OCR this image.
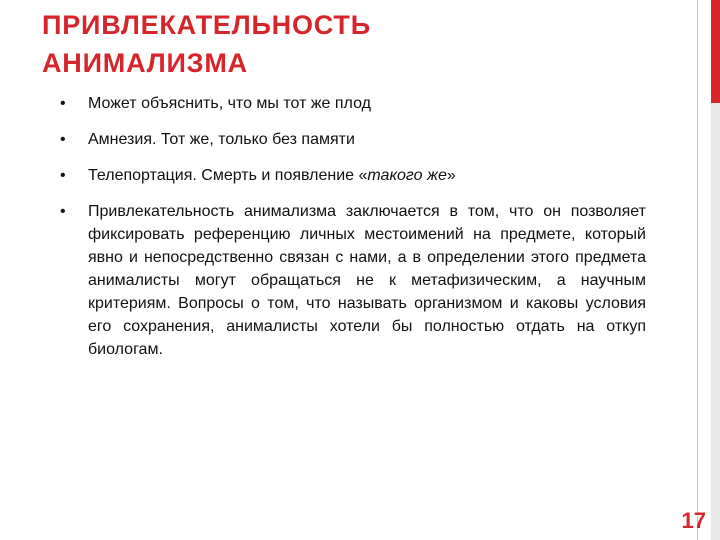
ПРИВЛЕКАТЕЛЬНОСТЬ
АНИМАЛИЗМА
• Может объяснить, что мы тот же плод
• Амнезия. Тот же, только без памяти
• Телепортация. Смерть и появление «такого же»
• Привлекательность анимализма заключается в том, что он позволяет фиксировать референцию личных местоимений на предмете, который явно и непосредственно связан с нами, а в определении этого предмета анималисты могут обращаться не к метафизическим, а научным критериям. Вопросы о том, что называть организмом и каковы условия его сохранения, анималисты хотели бы полностью отдать на откуп биологам.
17
